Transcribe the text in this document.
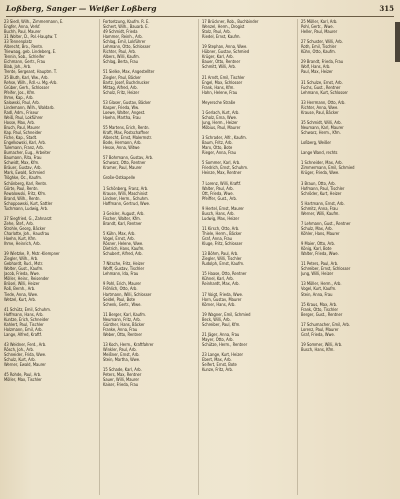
Loßberg, Sanger — Weißer Loßberg	315
23 Siedl, Wilh., Zimmermann, E.
Engfer, Anna, Verkf.
Buchh, Paul, Maurer
31 Wolter, D., Pol.-Hauptw. T.
33 Tennenplatz
Albrecht, Bro., Rentn.
Triewaag, geb. Lindeberg, E.
Tennin, Sob., Schleifer
Eichmann, Gertr., Frau
Blab, Joh., Arb.
Trente, Sergeant, Hauptm. T.
35 Bluth, Karl, Ww., Arb.
Rehse, Wilh., Rdl.-u. Mg.-Arb.
Grüber, Gerh., Schlosser
Pfeifer, Jos., Kfm.
Ihme, Kap., Arb.
Salowski, Paul, Arb.
Lindemann, Wilh., Waldarb.
Radl, Adm., Friseur
Weiß, Paul, Lokführer
Hosse, Max, Arb.
Bruch, Paul, Maurer
Kap. Paul, Schneider
Fiche, Kap., Stadt.
Engelkowski, Karl, Arb.
Tulemann, Franz, Arb.
Bumacher, Eug., Arbeiter
Baumann, Rita, Frau
Schwidt, Max, Kfm.
Bräuer, Gustav, Arb.
Mark, Ewald, Schmied
Tröghke, Oc., Kaufm.
Schönberg, Karl, Rentn.
Görte, Paul, Rentn.
Rewalowski, Fritz, Kfm.
Brand, Wilh., Rentn.
Schoppowski, Kurt, Sattler
Tuchmann, Ludwig, Arb.

37 Siegfried, G., Zahnarzt
Zehe, Stef., Arb.
Strohle, Georg, Bäcker
Charlotte, Joh., Hausfrau
Hoehn, Kurt, Kfm.
Ihme, Heinrich, Arb.

39 Wietzke, P., Mstr.-Klempner
Ziegler, Wilh., Arb.
Gebhardt, Rud., Mstr.
Wolter, Gust., Kaufm.
Jacob, Frieda, Wwe.
Möller, Heinr., Reisender
Brösel, Willi, Heizer
Roß, Bernh., Arb.
Tiede, Anna, Wwe.
Wetzel, Kurt, Arb.

41 Schütz, Emil, Schuhm.
Hoffmann, Hans, Arb.
Kuntze, Erich, Schneider
Kahlert, Paul, Tischler
Holzmann, Emil, Arb.
Lange, Alfred, Kraftf.

43 Weidner, Ferd., Arb.
Rösch, Joh., Arb.
Schneider, Frida, Wwe.
Schulz, Kurt, Arb.
Werner, Ewald, Maurer

45 Rohde, Paul, Arb.
Möller, Max, Tischler
Fortsetzung, Kaufm. R. E.
Sichert, Wilh., Bauarb. E.
49 Schmidt, Frieda
Hammer, Reinh., Arb.
Schlag, Emil, Lokführer
Lehmann, Otto, Schlosser
Richter, Paul, Arb.
Albers, Willi, Kaufm.
Schlag, Berta, Frau

51 Sielke, Max, Angestellter
Ziegler, Paul, Bäcker
Bartz, Josef, Buchdrucker
Mittag, Alfred, Arb.
Scholz, Fritz, Heizer

53 Glaser, Gustav, Bäcker
Kasper, Frieda, Ww.
Loewe, Walter, Angest.
Hoehn, Martha, Frau

55 Martens, Erich, Rentn.
Kraft, Max, Postschaffner
Albrecht, Ernst, Malermstr.
Bode, Hermann, Arb.
Hesse, Anna, Witwe

57 Bohrmann, Gustav, Arb.
Schwarz, Otto, Rentner
Kramer, Paul, Maurer

Große-Ostkapelle

1 Schönberg, Franz, Arb.
Krause, Willi, Maschinist
Lindner, Herm., Schuhm.
Hoffmann, Gertrud, Wwe.

3 Geisler, August, Arb.
Fischer, Walter, Kfm.
Brandt, Karl, Rentner

5 Kühn, Max, Arb.
Vogel, Ernst, Arb.
Rösner, Helene, Wwe.
Dietrich, Hans, Kaufm.
Schubert, Alfred, Arb.

7 Nitsche, Fritz, Heizer
Wolff, Gustav, Tischler
Lehmann, Ida, Frau

9 Pohl, Erich, Maurer
Fröhlich, Otto, Arb.
Hartmann, Willi, Schlosser
Seidel, Paul, Bote
Schenk, Gertr., Wwe.

11 Berger, Karl, Kaufm.
Neumann, Fritz, Arb.
Günther, Hans, Bäcker
Franke, Anna, Frau
Weber, Otto, Rentner

13 Koch, Herm., Kraftfahrer
Winkler, Paul, Arb.
Meißner, Ernst, Arb.
Stein, Martha, Wwe.

15 Schade, Karl, Arb.
Peters, Max, Rentner
Sauer, Willi, Maurer
Kaiser, Frieda, Frau
17 Brückner, Rob., Buchbinder
Wenzel, Herm., Drogist
Stolz, Paul, Arb.
Riedel, Ernst, Kaufm.

19 Stephan, Anna, Wwe.
Hübner, Gustav, Schmied
Krüger, Karl, Arb.
Bauer, Otto, Rentner
Schmitt, Willi, Arb.

21 Arndt, Emil, Tischler
Engel, Max, Schlosser
Frank, Hans, Kfm.
Hahn, Helene, Frau

Meyersche Straße

1 Gerlach, Kurt, Arb.
Scholz, Erna, Wwe.
Jung, Herm., Heizer
Möbius, Paul, Maurer

3 Schrader, Alfr., Kaufm.
Baum, Fritz, Arb.
Marx, Otto, Bote
Rieger, Anna, Frau

5 Sommer, Karl, Arb.
Friedrich, Ernst, Schuhm.
Heinze, Max, Rentner

7 Lorenz, Willi, Kraftf.
Walter, Paul, Arb.
Ott, Frieda, Wwe.
Pfeiffer, Gust., Arb.

9 Hertel, Ernst, Maurer
Busch, Hans, Arb.
Ludwig, Max, Heizer

11 Kirsch, Otto, Arb.
Thiele, Herm., Bäcker
Graf, Anna, Frau
Kluge, Fritz, Schlosser

13 Böhm, Paul, Arb.
Ziegler, Willi, Tischler
Rudolph, Ernst, Kaufm.

15 Haase, Otto, Rentner
Kühnel, Karl, Arb.
Reinhardt, Max, Arb.

17 Voigt, Frieda, Wwe.
Horn, Gustav, Maurer
Körner, Hans, Arb.

19 Wagner, Emil, Schmied
Beck, Willi, Arb.
Schreiber, Paul, Kfm.

21 Jäger, Anna, Frau
Mayer, Otto, Arb.
Schütze, Herm., Rentner

23 Lange, Kurt, Heizer
Ebert, Max, Arb.
Seifert, Ernst, Bote
Kunze, Fritz, Arb.
25 Möller, Karl, Arb.
Pohl, Gertr., Wwe.
Heller, Paul, Maurer

27 Schuster, Willi, Arb.
Roth, Emil, Tischler
Kühn, Otto, Kaufm.

29 Brandt, Frieda, Frau
Wolf, Hans, Arb.
Paul, Max, Heizer

31 Schulze, Ernst, Arb.
Fuchs, Gust., Rentner
Lehmann, Kurt, Schlosser

33 Herrmann, Otto, Arb.
Richter, Anna, Wwe.
Krause, Paul, Bäcker

35 Schmidt, Willi, Arb.
Neumann, Karl, Maurer
Schwarz, Herm., Kfm.

Loßberg, Weißer

Lange Wand, rechts

1 Schneider, Max, Arb.
Zimmermann, Emil, Schmied
Krüger, Frieda, Wwe.

3 Braun, Otto, Arb.
Hofmann, Paul, Tischler
Schröder, Kurt, Heizer

5 Hartmann, Ernst, Arb.
Schmitz, Anna, Frau
Werner, Willi, Kaufm.

7 Lehmann, Gust., Rentner
Schulz, Max, Arb.
Köhler, Hans, Maurer

9 Maier, Otto, Arb.
König, Karl, Bote
Walter, Frieda, Wwe.

11 Peters, Paul, Arb.
Schreiber, Ernst, Schlosser
Jung, Willi, Heizer

13 Möller, Herm., Arb.
Vogel, Kurt, Kaufm.
Stein, Anna, Frau

15 Kraus, Max, Arb.
Frank, Otto, Tischler
Berger, Gust., Rentner

17 Schumacher, Emil, Arb.
Lorenz, Paul, Maurer
Graf, Frieda, Wwe.

19 Sommer, Willi, Arb.
Busch, Hans, Kfm.
